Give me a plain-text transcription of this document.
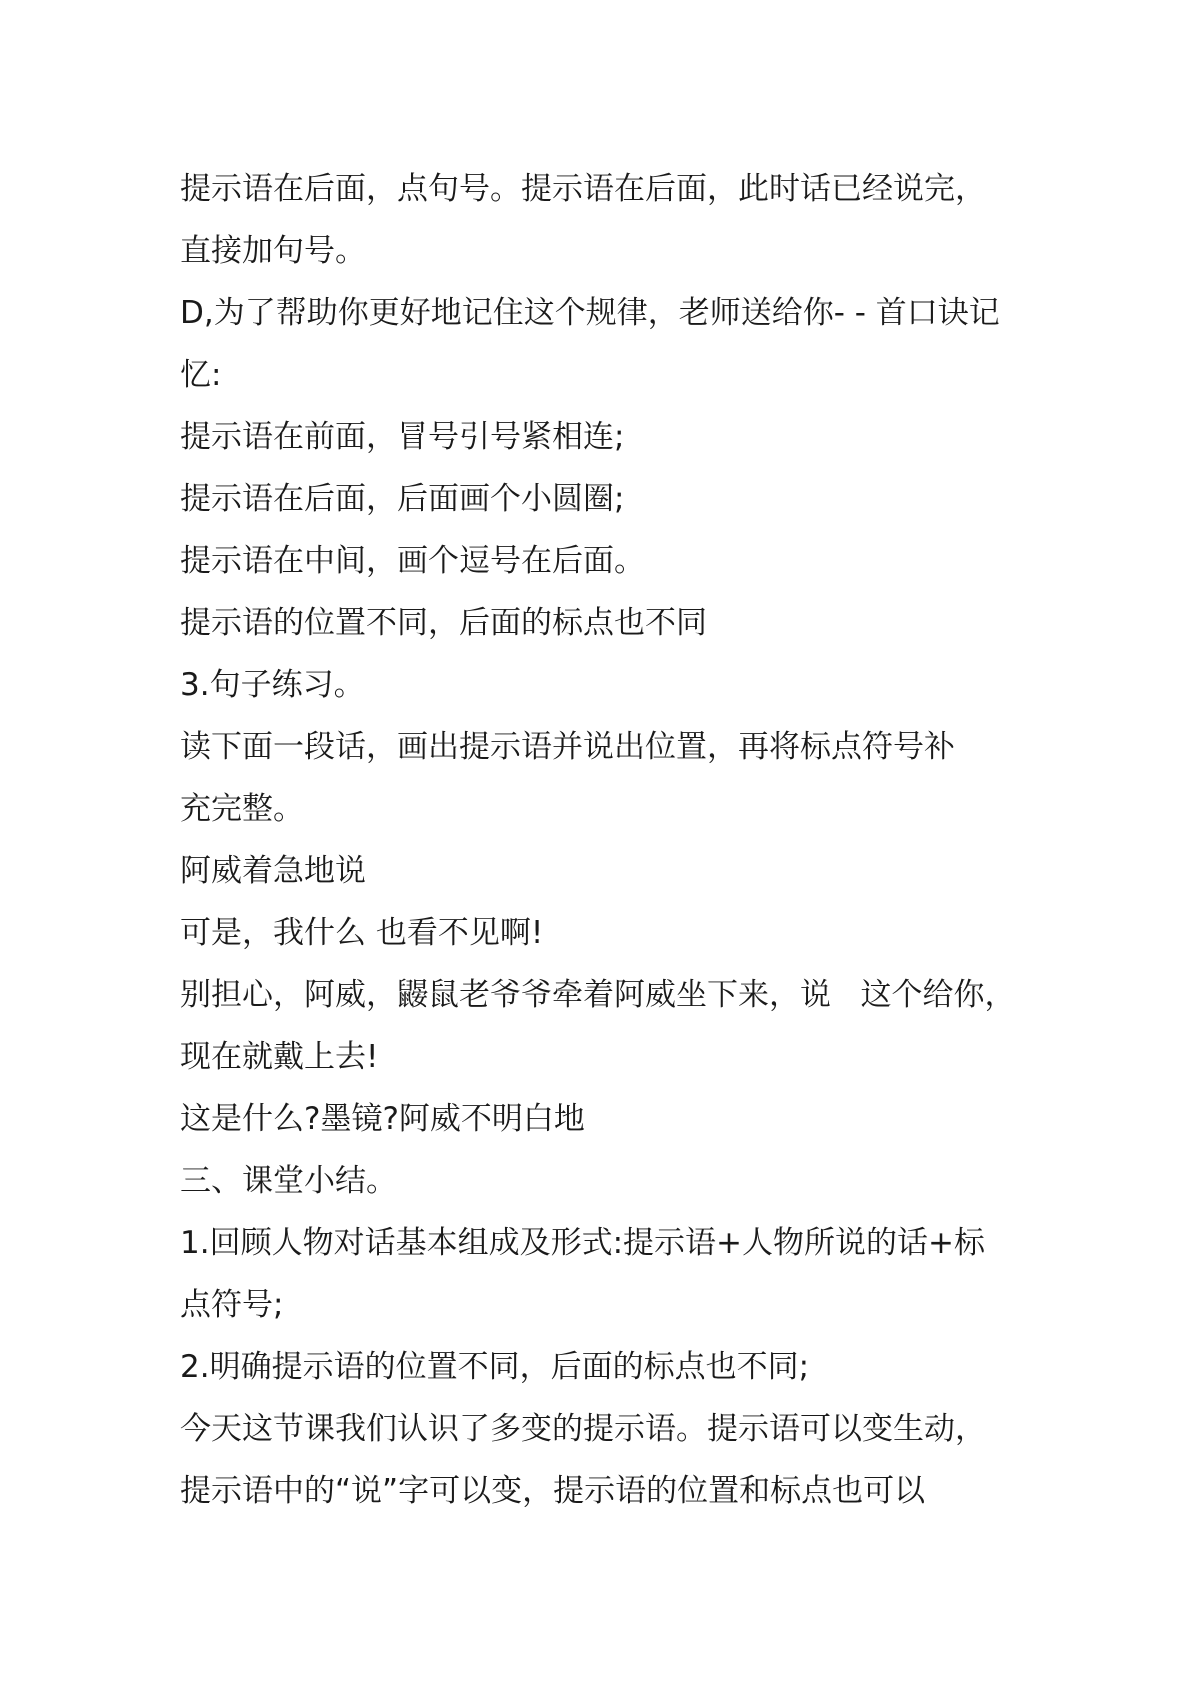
提示语在后面，点句号。提示语在后面，此时话已经说完，

直接加句号。

D,为了帮助你更好地记住这个规律，老师送给你- - 首口诀记

忆:

提示语在前面，冒号引号紧相连;

提示语在后面，后面画个小圆圈;

提示语在中间，画个逗号在后面。

提示语的位置不同，后面的标点也不同

3.句子练习。

读下面一段话，画出提示语并说出位置，再将标点符号补

充完整。

阿威着急地说

可是，我什么 也看不见啊!

别担心，阿威，鼹鼠老爷爷牵着阿威坐下来，说   这个给你，

现在就戴上去!

这是什么?墨镜?阿威不明白地

三、课堂小结。

1.回顾人物对话基本组成及形式:提示语+人物所说的话+标

点符号;

2.明确提示语的位置不同，后面的标点也不同;

今天这节课我们认识了多变的提示语。提示语可以变生动，

提示语中的“说”字可以变，提示语的位置和标点也可以
